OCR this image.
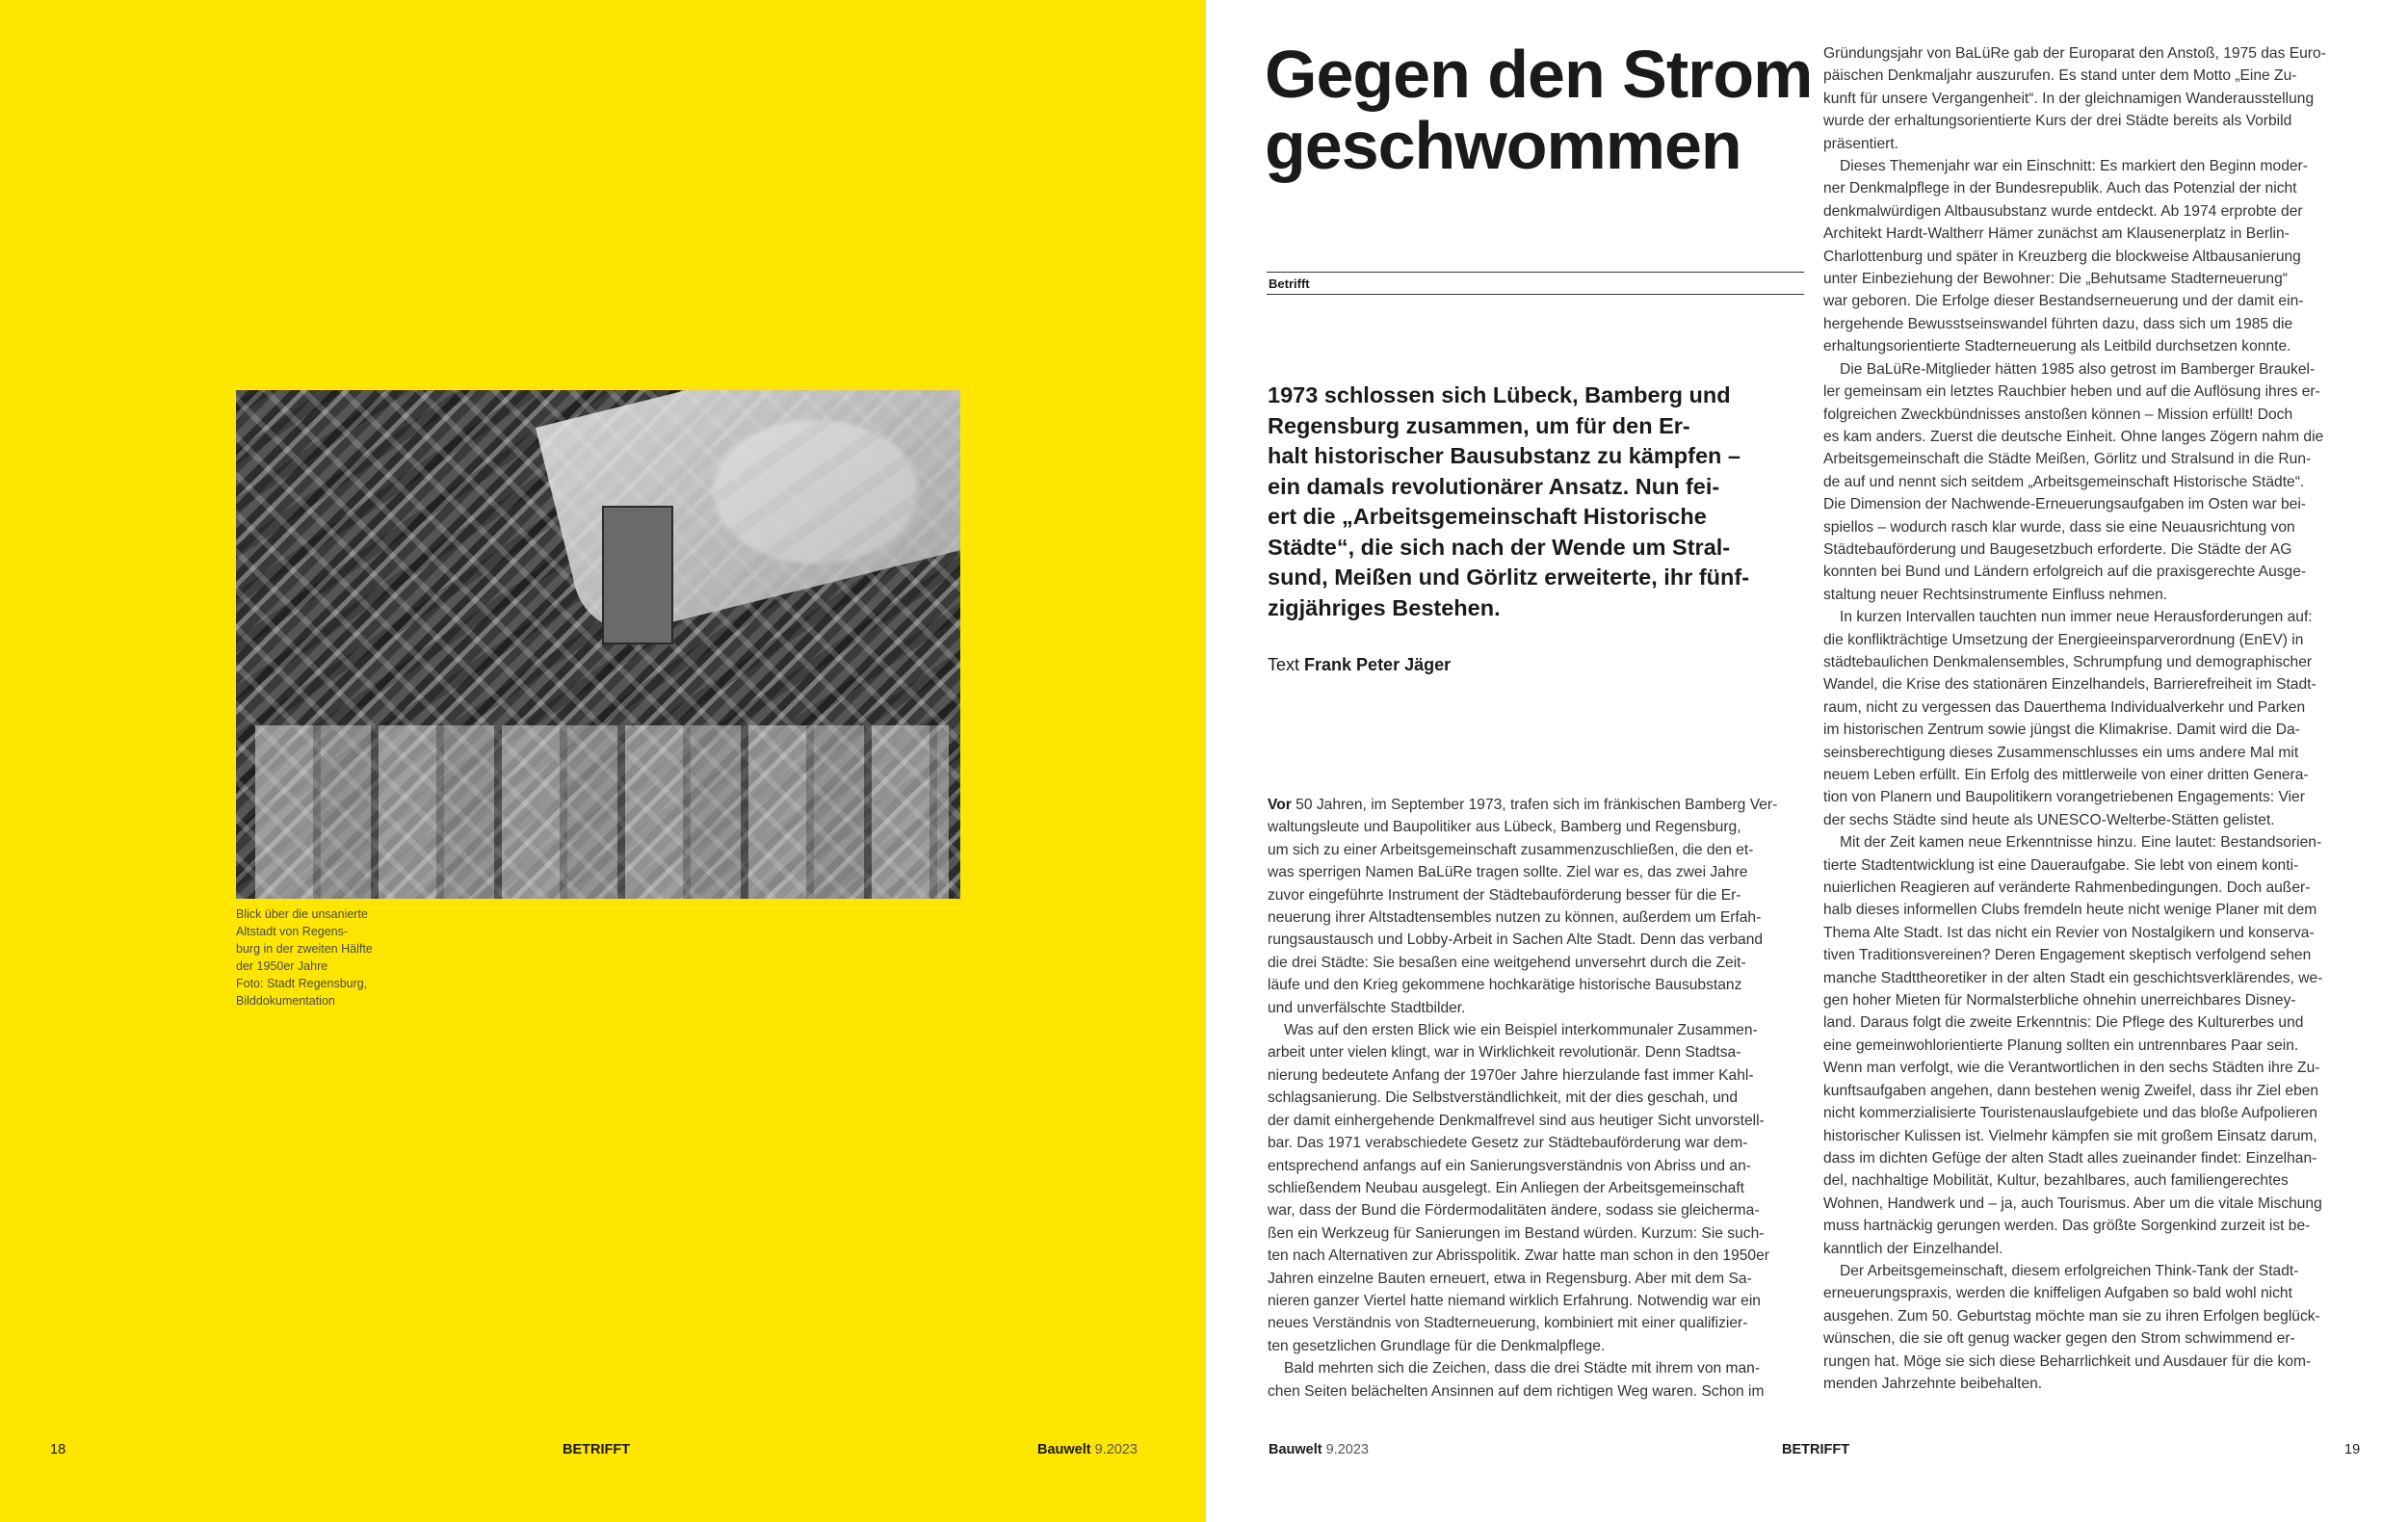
Blick über die unsanierte
Altstadt von Regens-
burg in der zweiten Hälfte
der 1950er Jahre
Foto: Stadt Regensburg,
Bilddokumentation
18	BETRIFFT	Bauwelt 9.2023
Gegen den Strom
geschwommen
Betrifft
1973 schlossen sich Lübeck, Bamberg und
Regensburg zusammen, um für den Er-
halt historischer Bausubstanz zu kämpfen –
ein damals revolutionärer Ansatz. Nun fei-
ert die „Arbeitsgemeinschaft Historische
Städte“, die sich nach der Wende um Stral-
sund, Meißen und Görlitz erweiterte, ihr fünf-
zigjähriges Bestehen.
Text Frank Peter Jäger
Vor 50 Jahren, im September 1973, trafen sich im fränkischen Bamberg Ver-
waltungsleute und Baupolitiker aus Lübeck, Bamberg und Regensburg,
um sich zu einer Arbeitsgemeinschaft zusammenzuschließen, die den et-
was sperrigen Namen BaLüRe tragen sollte. Ziel war es, das zwei Jahre
zuvor eingeführte Instrument der Städtebauförderung besser für die Er-
neuerung ihrer Altstadtensembles nutzen zu können, außerdem um Erfah-
rungsaustausch und Lobby-Arbeit in Sachen Alte Stadt. Denn das verband
die drei Städte: Sie besaßen eine weitgehend unversehrt durch die Zeit-
läufe und den Krieg gekommene hochkarätige historische Bausubstanz
und unverfälschte Stadtbilder.
Was auf den ersten Blick wie ein Beispiel interkommunaler Zusammen-
arbeit unter vielen klingt, war in Wirklichkeit revolutionär. Denn Stadtsa-
nierung bedeutete Anfang der 1970er Jahre hierzulande fast immer Kahl-
schlagsanierung. Die Selbstverständlichkeit, mit der dies geschah, und
der damit einhergehende Denkmalfrevel sind aus heutiger Sicht unvorstell-
bar. Das 1971 verabschiedete Gesetz zur Städtebauförderung war dem-
entsprechend anfangs auf ein Sanierungsverständnis von Abriss und an-
schließendem Neubau ausgelegt. Ein Anliegen der Arbeitsgemeinschaft
war, dass der Bund die Fördermodalitäten ändere, sodass sie gleicherma-
ßen ein Werkzeug für Sanierungen im Bestand würden. Kurzum: Sie such-
ten nach Alternativen zur Abrisspolitik. Zwar hatte man schon in den 1950er
Jahren einzelne Bauten erneuert, etwa in Regensburg. Aber mit dem Sa-
nieren ganzer Viertel hatte niemand wirklich Erfahrung. Notwendig war ein
neues Verständnis von Stadterneuerung, kombiniert mit einer qualifizier-
ten gesetzlichen Grundlage für die Denkmalpflege.
Bald mehrten sich die Zeichen, dass die drei Städte mit ihrem von man-
chen Seiten belächelten Ansinnen auf dem richtigen Weg waren. Schon im
Gründungsjahr von BaLüRe gab der Europarat den Anstoß, 1975 das Euro-
päischen Denkmaljahr auszurufen. Es stand unter dem Motto „Eine Zu-
kunft für unsere Vergangenheit“. In der gleichnamigen Wanderausstellung
wurde der erhaltungsorientierte Kurs der drei Städte bereits als Vorbild
präsentiert.
Dieses Themenjahr war ein Einschnitt: Es markiert den Beginn moder-
ner Denkmalpflege in der Bundesrepublik. Auch das Potenzial der nicht
denkmalwürdigen Altbausubstanz wurde entdeckt. Ab 1974 erprobte der
Architekt Hardt-Waltherr Hämer zunächst am Klausenerplatz in Berlin-
Charlottenburg und später in Kreuzberg die blockweise Altbausanierung
unter Einbeziehung der Bewohner: Die „Behutsame Stadterneuerung“
war geboren. Die Erfolge dieser Bestandserneuerung und der damit ein-
hergehende Bewusstseinswandel führten dazu, dass sich um 1985 die
erhaltungsorientierte Stadterneuerung als Leitbild durchsetzen konnte.
Die BaLüRe-Mitglieder hätten 1985 also getrost im Bamberger Braukel-
ler gemeinsam ein letztes Rauchbier heben und auf die Auflösung ihres er-
folgreichen Zweckbündnisses anstoßen können – Mission erfüllt! Doch
es kam anders. Zuerst die deutsche Einheit. Ohne langes Zögern nahm die
Arbeitsgemeinschaft die Städte Meißen, Görlitz und Stralsund in die Run-
de auf und nennt sich seitdem „Arbeitsgemeinschaft Historische Städte“.
Die Dimension der Nachwende-Erneuerungsaufgaben im Osten war bei-
spiellos – wodurch rasch klar wurde, dass sie eine Neuausrichtung von
Städtebauförderung und Baugesetzbuch erforderte. Die Städte der AG
konnten bei Bund und Ländern erfolgreich auf die praxisgerechte Ausge-
staltung neuer Rechtsinstrumente Einfluss nehmen.
In kurzen Intervallen tauchten nun immer neue Herausforderungen auf:
die konflikträchtige Umsetzung der Energieeinsparverordnung (EnEV) in
städtebaulichen Denkmalensembles, Schrumpfung und demographischer
Wandel, die Krise des stationären Einzelhandels, Barrierefreiheit im Stadt-
raum, nicht zu vergessen das Dauerthema Individualverkehr und Parken
im historischen Zentrum sowie jüngst die Klimakrise. Damit wird die Da-
seinsberechtigung dieses Zusammenschlusses ein ums andere Mal mit
neuem Leben erfüllt. Ein Erfolg des mittlerweile von einer dritten Genera-
tion von Planern und Baupolitikern vorangetriebenen Engagements: Vier
der sechs Städte sind heute als UNESCO-Welterbe-Stätten gelistet.
Mit der Zeit kamen neue Erkenntnisse hinzu. Eine lautet: Bestandsorien-
tierte Stadtentwicklung ist eine Daueraufgabe. Sie lebt von einem konti-
nuierlichen Reagieren auf veränderte Rahmenbedingungen. Doch außer-
halb dieses informellen Clubs fremdeln heute nicht wenige Planer mit dem
Thema Alte Stadt. Ist das nicht ein Revier von Nostalgikern und konserva-
tiven Traditionsvereinen? Deren Engagement skeptisch verfolgend sehen
manche Stadttheoretiker in der alten Stadt ein geschichtsverklärendes, we-
gen hoher Mieten für Normalsterbliche ohnehin unerreichbares Disney-
land. Daraus folgt die zweite Erkenntnis: Die Pflege des Kulturerbes und
eine gemeinwohlorientierte Planung sollten ein untrennbares Paar sein.
Wenn man verfolgt, wie die Verantwortlichen in den sechs Städten ihre Zu-
kunftsaufgaben angehen, dann bestehen wenig Zweifel, dass ihr Ziel eben
nicht kommerzialisierte Touristenauslaufgebiete und das bloße Aufpolieren
historischer Kulissen ist. Vielmehr kämpfen sie mit großem Einsatz darum,
dass im dichten Gefüge der alten Stadt alles zueinander findet: Einzelhan-
del, nachhaltige Mobilität, Kultur, bezahlbares, auch familiengerechtes
Wohnen, Handwerk und – ja, auch Tourismus. Aber um die vitale Mischung
muss hartnäckig gerungen werden. Das größte Sorgenkind zurzeit ist be-
kanntlich der Einzelhandel.
Der Arbeitsgemeinschaft, diesem erfolgreichen Think-Tank der Stadt-
erneuerungspraxis, werden die kniffeligen Aufgaben so bald wohl nicht
ausgehen. Zum 50. Geburtstag möchte man sie zu ihren Erfolgen beglück-
wünschen, die sie oft genug wacker gegen den Strom schwimmend er-
rungen hat. Möge sie sich diese Beharrlichkeit und Ausdauer für die kom-
menden Jahrzehnte beibehalten.
Bauwelt 9.2023	BETRIFFT	19
